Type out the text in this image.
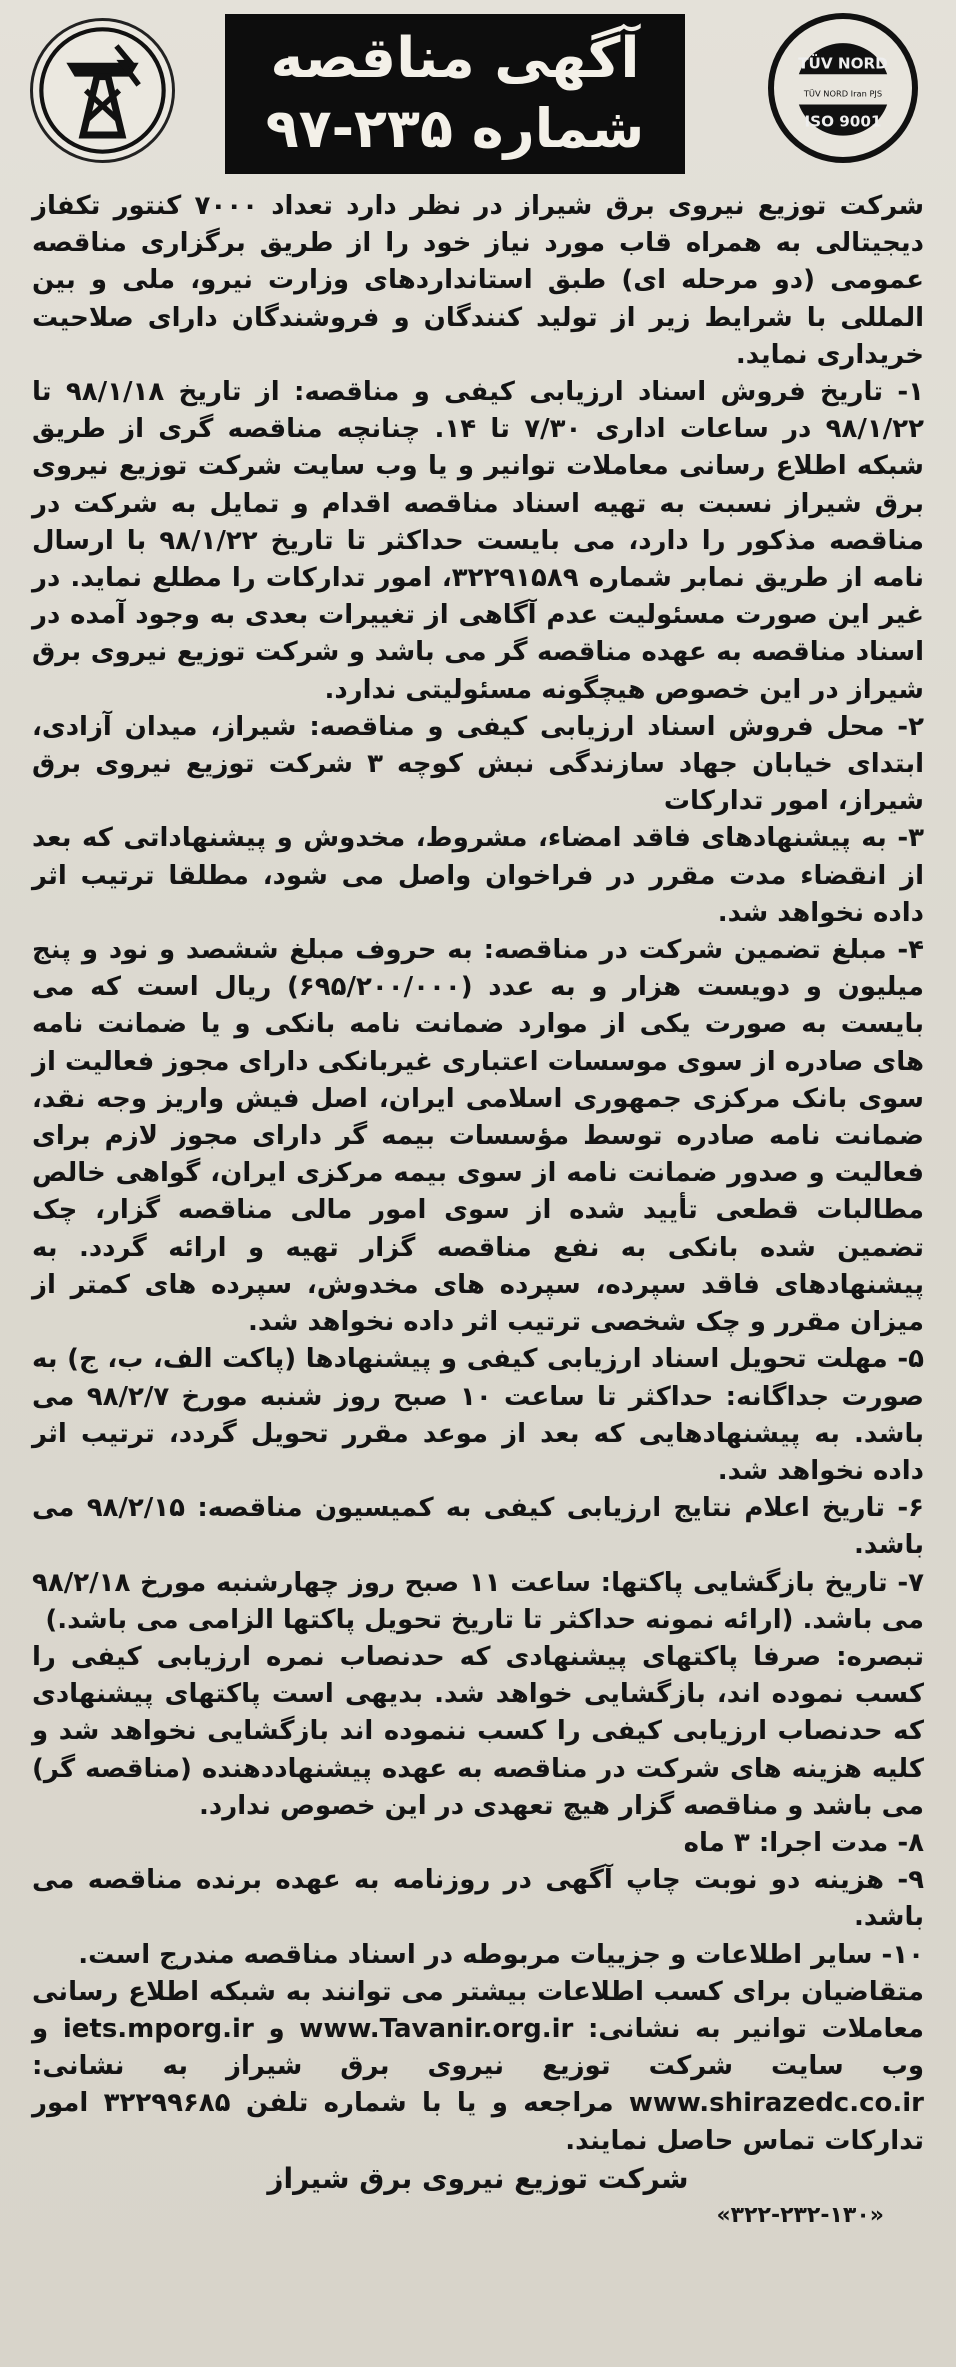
آگهی مناقصه
شماره ۲۳۵-۹۷
TÜV NORD
TÜV NORD Iran PJS
ISO 9001

شرکت توزیع نیروی برق شیراز در نظر دارد تعداد ۷۰۰۰ کنتور تکفاز دیجیتالی به همراه قاب مورد نیاز خود را از طریق برگزاری مناقصه عمومی (دو مرحله ای) طبق استانداردهای وزارت نیرو، ملی و بین المللی با شرایط زیر از تولید کنندگان و فروشندگان دارای صلاحیت خریداری نماید.

۱- تاریخ فروش اسناد ارزیابی کیفی و مناقصه: از تاریخ ۹۸/۱/۱۸ تا ۹۸/۱/۲۲ در ساعات اداری ۷/۳۰ تا ۱۴. چنانچه مناقصه گری از طریق شبکه اطلاع رسانی معاملات توانیر و یا وب سایت شرکت توزیع نیروی برق شیراز نسبت به تهیه اسناد مناقصه اقدام و تمایل به شرکت در مناقصه مذکور را دارد، می بایست حداکثر تا تاریخ ۹۸/۱/۲۲ با ارسال نامه از طریق نمابر شماره ۳۲۲۹۱۵۸۹، امور تدارکات را مطلع نماید. در غیر این صورت مسئولیت عدم آگاهی از تغییرات بعدی به وجود آمده در اسناد مناقصه به عهده مناقصه گر می باشد و شرکت توزیع نیروی برق شیراز در این خصوص هیچگونه مسئولیتی ندارد.

۲- محل فروش اسناد ارزیابی کیفی و مناقصه: شیراز، میدان آزادی، ابتدای خیابان جهاد سازندگی نبش کوچه ۳ شرکت توزیع نیروی برق شیراز، امور تدارکات

۳- به پیشنهادهای فاقد امضاء، مشروط، مخدوش و پیشنهاداتی که بعد از انقضاء مدت مقرر در فراخوان واصل می شود، مطلقا ترتیب اثر داده نخواهد شد.

۴- مبلغ تضمین شرکت در مناقصه: به حروف مبلغ ششصد و نود و پنج میلیون و دویست هزار و به عدد (۶۹۵/۲۰۰/۰۰۰) ریال است که می بایست به صورت یکی از موارد ضمانت نامه بانکی و یا ضمانت نامه های صادره از سوی موسسات اعتباری غیربانکی دارای مجوز فعالیت از سوی بانک مرکزی جمهوری اسلامی ایران، اصل فیش واریز وجه نقد، ضمانت نامه صادره توسط مؤسسات بیمه گر دارای مجوز لازم برای فعالیت و صدور ضمانت نامه از سوی بیمه مرکزی ایران، گواهی خالص مطالبات قطعی تأیید شده از سوی امور مالی مناقصه گزار، چک تضمین شده بانکی به نفع مناقصه گزار تهیه و ارائه گردد. به پیشنهادهای فاقد سپرده، سپرده های مخدوش، سپرده های کمتر از میزان مقرر و چک شخصی ترتیب اثر داده نخواهد شد.

۵- مهلت تحویل اسناد ارزیابی کیفی و پیشنهادها (پاکت الف، ب، ج) به صورت جداگانه: حداکثر تا ساعت ۱۰ صبح روز شنبه مورخ ۹۸/۲/۷ می باشد. به پیشنهادهایی که بعد از موعد مقرر تحویل گردد، ترتیب اثر داده نخواهد شد.

۶- تاریخ اعلام نتایج ارزیابی کیفی به کمیسیون مناقصه: ۹۸/۲/۱۵ می باشد.

۷- تاریخ بازگشایی پاکتها: ساعت ۱۱ صبح روز چهارشنبه مورخ ۹۸/۲/۱۸ می باشد. (ارائه نمونه حداکثر تا تاریخ تحویل پاکتها الزامی می باشد.)

تبصره: صرفا پاکتهای پیشنهادی که حدنصاب نمره ارزیابی کیفی را کسب نموده اند، بازگشایی خواهد شد. بدیهی است پاکتهای پیشنهادی که حدنصاب ارزیابی کیفی را کسب ننموده اند بازگشایی نخواهد شد و کلیه هزینه های شرکت در مناقصه به عهده پیشنهاددهنده (مناقصه گر) می باشد و مناقصه گزار هیچ تعهدی در این خصوص ندارد.

۸- مدت اجرا: ۳ ماه

۹- هزینه دو نوبت چاپ آگهی در روزنامه به عهده برنده مناقصه می باشد.

۱۰- سایر اطلاعات و جزییات مربوطه در اسناد مناقصه مندرج است.

متقاضیان برای کسب اطلاعات بیشتر می توانند به شبکه اطلاع رسانی معاملات توانیر به نشانی: www.Tavanir.org.ir و iets.mporg.ir و وب سایت شرکت توزیع نیروی برق شیراز به نشانی: www.shirazedc.co.ir مراجعه و یا با شماره تلفن ۳۲۲۹۹۶۸۵ امور تدارکات تماس حاصل نمایند.

شرکت توزیع نیروی برق شیراز

«۳۲۲-۲۳۲-۱۳۰»
